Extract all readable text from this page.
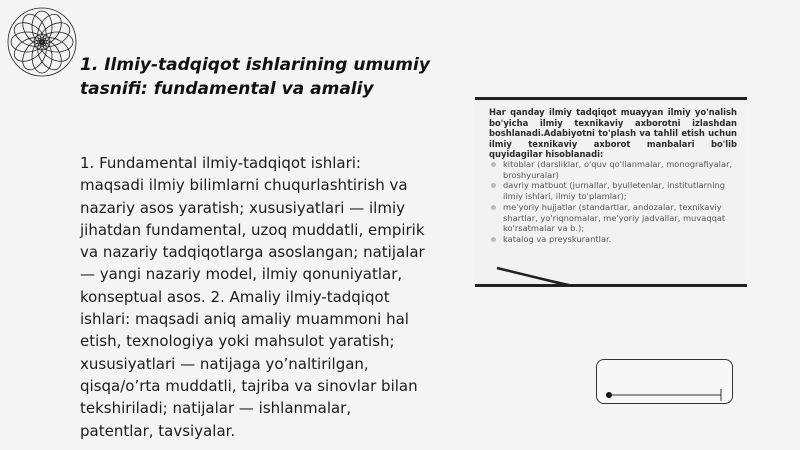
1. Ilmiy-tadqiqot ishlarining umumiy tasnifi: fundamental va amaliy
1. Fundamental ilmiy-tadqiqot ishlari: maqsadi ilmiy bilimlarni chuqurlashtirish va nazariy asos yaratish; xususiyatlari — ilmiy jihatdan fundamental, uzoq muddatli, empirik va nazariy tadqiqotlarga asoslangan; natijalar — yangi nazariy model, ilmiy qonuniyatlar, konseptual asos. 2. Amaliy ilmiy-tadqiqot ishlari: maqsadi aniq amaliy muammoni hal etish, texnologiya yoki mahsulot yaratish; xususiyatlari — natijaga yo’naltirilgan, qisqa/o’rta muddatli, tajriba va sinovlar bilan tekshiriladi; natijalar — ishlanmalar, patentlar, tavsiyalar.
Har qanday ilmiy tadqiqot muayyan ilmiy yo'nalish bo'yicha ilmiy texnikaviy axborotni izlashdan boshlanadi.Adabiyotni to'plash va tahlil etish uchun ilmiy texnikaviy axborot manbalari bo'lib quyidagilar hisoblanadi:
kitoblar (darsliklar, o'quv qo'llanmalar, monografiyalar, broshyuralar)
davriy matbuot (jurnallar, byulletenlar, institutlarning ilmiy ishlari, ilmiy to'plamlar);
me'yoriy hujjatlar (standartlar, andozalar, texnikaviy shartlar, yo'riqnomalar, me'yoriy jadvallar, muvaqqat ko'rsatmalar va b.);
katalog va preyskurantlar.
